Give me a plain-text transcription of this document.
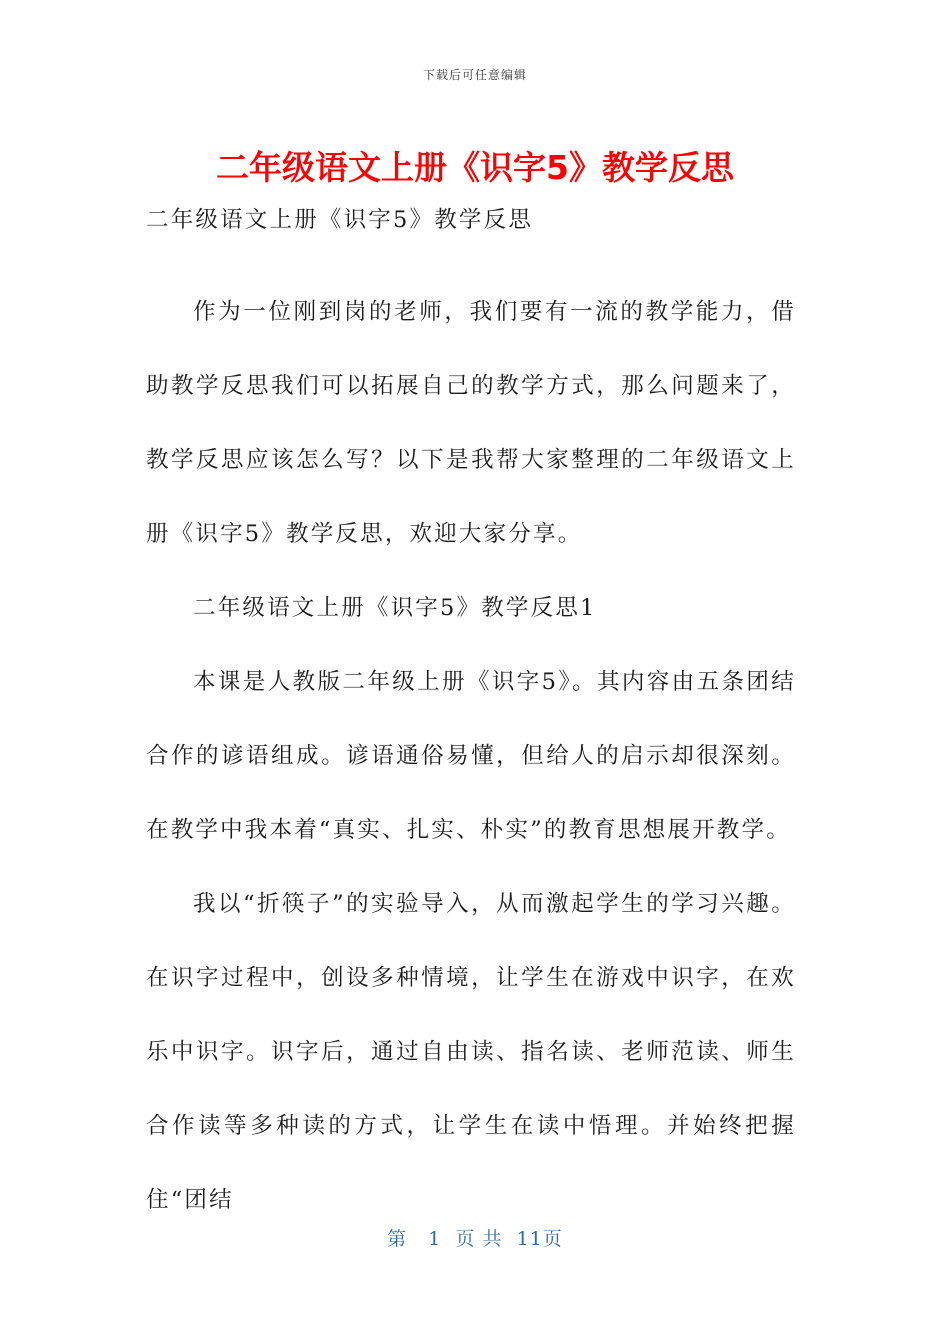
下载后可任意编辑
二年级语文上册《识字5》教学反思

二年级语文上册《识字5》教学反思

作为一位刚到岗的老师，我们要有一流的教学能力，借助教学反思我们可以拓展自己的教学方式，那么问题来了，教学反思应该怎么写？以下是我帮大家整理的二年级语文上册《识字5》教学反思，欢迎大家分享。

二年级语文上册《识字5》教学反思1

本课是人教版二年级上册《识字5》。其内容由五条团结合作的谚语组成。谚语通俗易懂，但给人的启示却很深刻。在教学中我本着“真实、扎实、朴实”的教育思想展开教学。

我以“折筷子”的实验导入，从而激起学生的学习兴趣。在识字过程中，创设多种情境，让学生在游戏中识字，在欢乐中识字。识字后，通过自由读、指名读、老师范读、师生合作读等多种读的方式，让学生在读中悟理。并始终把握住“团结

第 1 页 共 11页
